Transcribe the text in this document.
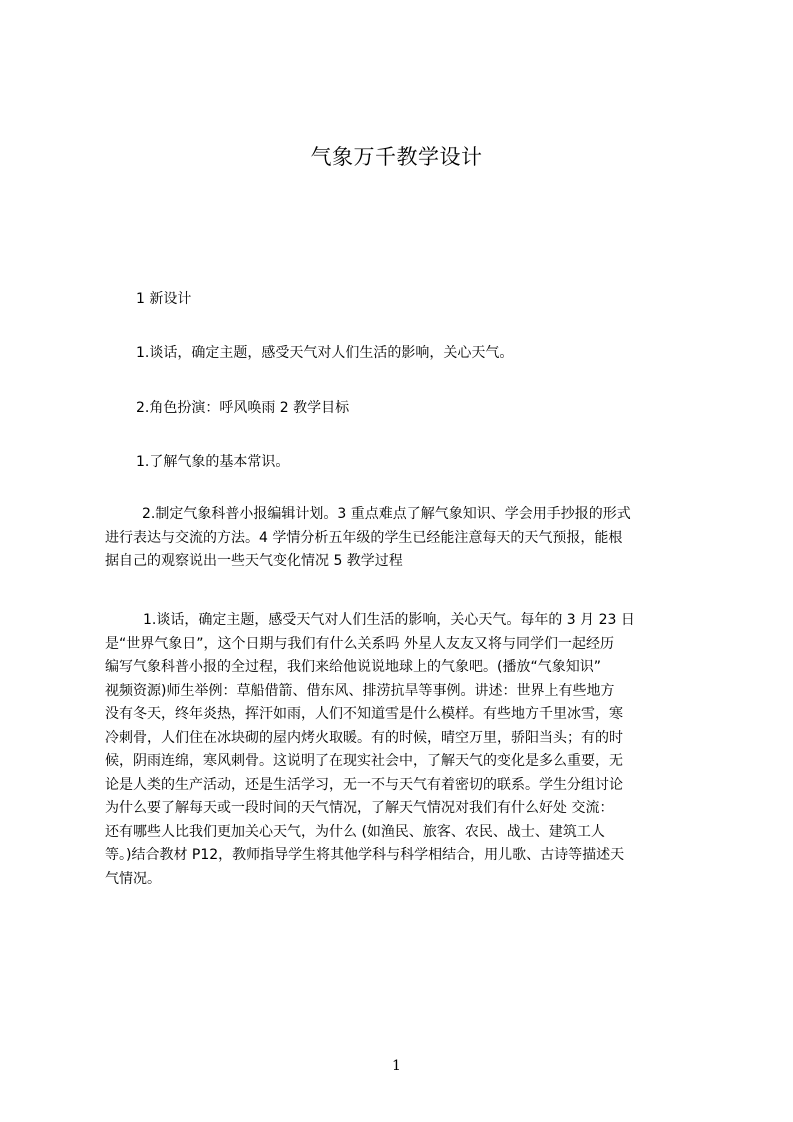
气象万千教学设计
1 新设计
1.谈话，确定主题，感受天气对人们生活的影响，关心天气。
2.角色扮演：呼风唤雨 2 教学目标
1.了解气象的基本常识。
2.制定气象科普小报编辑计划。3 重点难点了解气象知识、学会用手抄报的形式
进行表达与交流的方法。4 学情分析五年级的学生已经能注意每天的天气预报，能根
据自己的观察说出一些天气变化情况 5 教学过程
1.谈话，确定主题，感受天气对人们生活的影响，关心天气。每年的 3 月 23 日
是“世界气象日”，这个日期与我们有什么关系吗 外星人友友又将与同学们一起经历
编写气象科普小报的全过程，我们来给他说说地球上的气象吧。(播放“气象知识”
视频资源)师生举例：草船借箭、借东风、排涝抗旱等事例。讲述：世界上有些地方
没有冬天，终年炎热，挥汗如雨，人们不知道雪是什么模样。有些地方千里冰雪，寒
冷刺骨，人们住在冰块砌的屋内烤火取暖。有的时候，晴空万里，骄阳当头；有的时
候，阴雨连绵，寒风刺骨。这说明了在现实社会中，了解天气的变化是多么重要，无
论是人类的生产活动，还是生活学习，无一不与天气有着密切的联系。学生分组讨论
为什么要了解每天或一段时间的天气情况，了解天气情况对我们有什么好处 交流：
还有哪些人比我们更加关心天气，为什么 (如渔民、旅客、农民、战士、建筑工人
等。)结合教材 P12，教师指导学生将其他学科与科学相结合，用儿歌、古诗等描述天
气情况。
1
